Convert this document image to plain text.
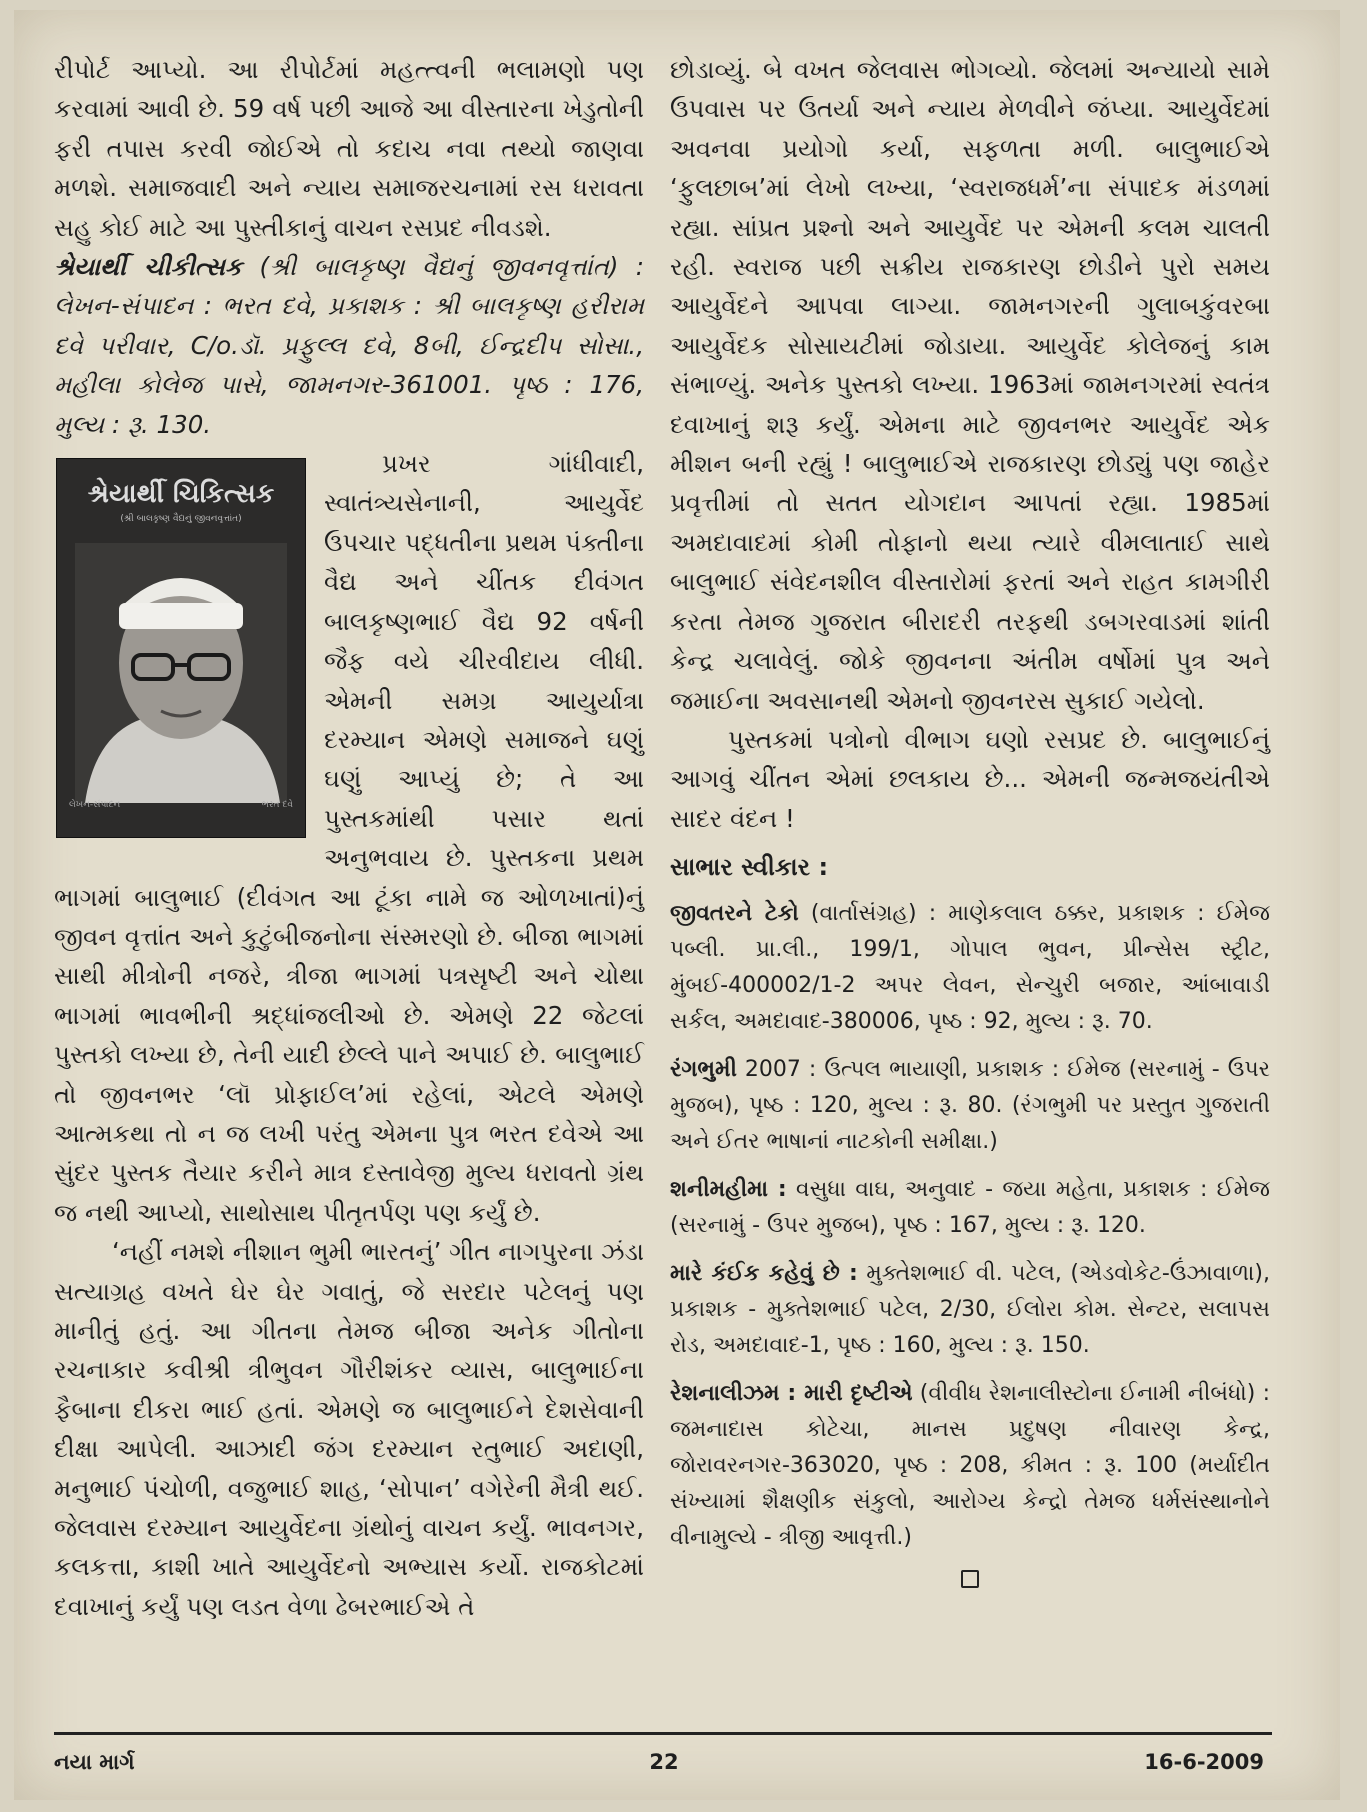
રીપોર્ટ આપ્યો. આ રીપોર્ટમાં મહત્ત્વની ભલામણો પણ કરવામાં આવી છે. 59 વર્ષ પછી આજે આ વીસ્તારના ખેડુતોની ફરી તપાસ કરવી જોઈએ તો કદાચ નવા તથ્યો જાણવા મળશે. સમાજવાદી અને ન્યાય સમાજરચનામાં રસ ધરાવતા સહુ કોઈ માટે આ પુસ્તીકાનું વાચન રસપ્રદ નીવડશે.

શ્રેયાર્થી ચીકીત્સક (શ્રી બાલકૃષ્ણ વૈદ્યનું જીવનવૃત્તાંત) : લેખન-સંપાદન : ભરત દવે, પ્રકાશક : શ્રી બાલકૃષ્ણ હરીરામ દવે પરીવાર, C/o.ડૉ. પ્રફુલ્લ દવે, 8બી, ઈન્દ્રદીપ સોસા., મહીલા કોલેજ પાસે, જામનગર-361001. પૃષ્ઠ : 176, મુલ્ય : રૂ. 130.

શ્રેયાર્થી ચિકિત્સક
(શ્રી બાલકૃષ્ણ વૈદ્યનું જીવનવૃત્તાંત)
લેખન-સંપાદન	ભરત દવે

પ્રખર ગાંધીવાદી, સ્વાતંત્ર્યસેનાની, આયુર્વેદ ઉપચાર પદ્ધતીના પ્રથમ પંક્તીના વૈદ્ય અને ચીંતક દીવંગત બાલકૃષ્ણભાઈ વૈદ્ય 92 વર્ષની જૈફ વયે ચીરવીદાય લીધી. એમની સમગ્ર આયુર્યાત્રા દરમ્યાન એમણે સમાજને ઘણું ઘણું આપ્યું છે; તે આ પુસ્તકમાંથી પસાર થતાં અનુભવાય છે. પુસ્તકના પ્રથમ ભાગમાં બાલુભાઈ (દીવંગત આ ટૂંકા નામે જ ઓળખાતાં)નું જીવન વૃત્તાંત અને કુટુંબીજનોના સંસ્મરણો છે. બીજા ભાગમાં સાથી મીત્રોની નજરે, ત્રીજા ભાગમાં પત્રસૃષ્ટી અને ચોથા ભાગમાં ભાવભીની શ્રદ્ધાંજલીઓ છે. એમણે 22 જેટલાં પુસ્તકો લખ્યા છે, તેની યાદી છેલ્લે પાને અપાઈ છે. બાલુભાઈ તો જીવનભર ‘લૉ પ્રોફાઈલ’માં રહેલાં, એટલે એમણે આત્મકથા તો ન જ લખી પરંતુ એમના પુત્ર ભરત દવેએ આ સુંદર પુસ્તક તૈયાર કરીને માત્ર દસ્તાવેજી મુલ્ય ધરાવતો ગ્રંથ જ નથી આપ્યો, સાથોસાથ પીતૃતર્પણ પણ કર્યું છે.

‘નહીં નમશે નીશાન ભુમી ભારતનું’ ગીત નાગપુરના ઝંડા સત્યાગ્રહ વખતે ઘેર ઘેર ગવાતું, જે સરદાર પટેલનું પણ માનીતું હતું. આ ગીતના તેમજ બીજા અનેક ગીતોના રચનાકાર કવીશ્રી ત્રીભુવન ગૌરીશંકર વ્યાસ, બાલુભાઈના ફૈબાના દીકરા ભાઈ હતાં. એમણે જ બાલુભાઈને દેશસેવાની દીક્ષા આપેલી. આઝાદી જંગ દરમ્યાન રતુભાઈ અદાણી, મનુભાઈ પંચોળી, વજુભાઈ શાહ, ‘સોપાન’ વગેરેની મૈત્રી થઈ. જેલવાસ દરમ્યાન આયુર્વેદના ગ્રંથોનું વાચન કર્યું. ભાવનગર, કલકત્તા, કાશી ખાતે આયુર્વેદનો અભ્યાસ કર્યો. રાજકોટમાં દવાખાનું કર્યું પણ લડત વેળા ઢેબરભાઈએ તે

છોડાવ્યું. બે વખત જેલવાસ ભોગવ્યો. જેલમાં અન્યાયો સામે ઉપવાસ પર ઉતર્યા અને ન્યાય મેળવીને જંપ્યા. આયુર્વેદમાં અવનવા પ્રયોગો કર્યા, સફળતા મળી. બાલુભાઈએ ‘ફુલછાબ’માં લેખો લખ્યા, ‘સ્વરાજધર્મ’ના સંપાદક મંડળમાં રહ્યા. સાંપ્રત પ્રશ્નો અને આયુર્વેદ પર એમની કલમ ચાલતી રહી. સ્વરાજ પછી સક્રીય રાજકારણ છોડીને પુરો સમય આયુર્વેદને આપવા લાગ્યા. જામનગરની ગુલાબકુંવરબા આયુર્વેદક સોસાયટીમાં જોડાયા. આયુર્વેદ કોલેજનું કામ સંભાળ્યું. અનેક પુસ્તકો લખ્યા. 1963માં જામનગરમાં સ્વતંત્ર દવાખાનું શરૂ કર્યું. એમના માટે જીવનભર આયુર્વેદ એક મીશન બની રહ્યું ! બાલુભાઈએ રાજકારણ છોડ્યું પણ જાહેર પ્રવૃત્તીમાં તો સતત યોગદાન આપતાં રહ્યા. 1985માં અમદાવાદમાં કોમી તોફાનો થયા ત્યારે વીમલાતાઈ સાથે બાલુભાઈ સંવેદનશીલ વીસ્તારોમાં ફરતાં અને રાહત કામગીરી કરતા તેમજ ગુજરાત બીરાદરી તરફથી ડબગરવાડમાં શાંતી કેન્દ્ર ચલાવેલું. જોકે જીવનના અંતીમ વર્ષોમાં પુત્ર અને જમાઈના અવસાનથી એમનો જીવનરસ સુકાઈ ગયેલો.

પુસ્તકમાં પત્રોનો વીભાગ ઘણો રસપ્રદ છે. બાલુભાઈનું આગવું ચીંતન એમાં છલકાય છે... એમની જન્મજયંતીએ સાદર વંદન !

સાભાર સ્વીકાર :

જીવતરને ટેકો (વાર્તાસંગ્રહ) : માણેકલાલ ઠક્કર, પ્રકાશક : ઈમેજ પબ્લી. પ્રા.લી., 199/1, ગોપાલ ભુવન, પ્રીન્સેસ સ્ટ્રીટ, મુંબઈ-400002/1-2 અપર લેવન, સેન્ચુરી બજાર, આંબાવાડી સર્કલ, અમદાવાદ-380006, પૃષ્ઠ : 92, મુલ્ય : રૂ. 70.

રંગભુમી 2007 : ઉત્પલ ભાયાણી, પ્રકાશક : ઈમેજ (સરનામું - ઉપર મુજબ), પૃષ્ઠ : 120, મુલ્ય : રૂ. 80. (રંગભુમી પર પ્રસ્તુત ગુજરાતી અને ઈતર ભાષાનાં નાટકોની સમીક્ષા.)

શનીમહીમા : વસુધા વાઘ, અનુવાદ - જયા મહેતા, પ્રકાશક : ઈમેજ (સરનામું - ઉપર મુજબ), પૃષ્ઠ : 167, મુલ્ય : રૂ. 120.

મારે કંઈક કહેવું છે : મુક્તેશભાઈ વી. પટેલ, (એડવોકેટ-ઉંઝાવાળા), પ્રકાશક - મુક્તેશભાઈ પટેલ, 2/30, ઈલોરા કોમ. સેન્ટર, સલાપસ રોડ, અમદાવાદ-1, પૃષ્ઠ : 160, મુલ્ય : રૂ. 150.

રેશનાલીઝમ : મારી દૃષ્ટીએ (વીવીધ રેશનાલીસ્ટોના ઈનામી નીબંધો) : જમનાદાસ કોટેચા, માનસ પ્રદુષણ નીવારણ કેન્દ્ર, જોરાવરનગર-363020, પૃષ્ઠ : 208, કીમત : રૂ. 100 (મર્યાદીત સંખ્યામાં શૈક્ષણીક સંકુલો, આરોગ્ય કેન્દ્રો તેમજ ધર્મસંસ્થાનોને વીનામુલ્યે - ત્રીજી આવૃત્તી.)

નયા માર્ગ	22	16-6-2009
